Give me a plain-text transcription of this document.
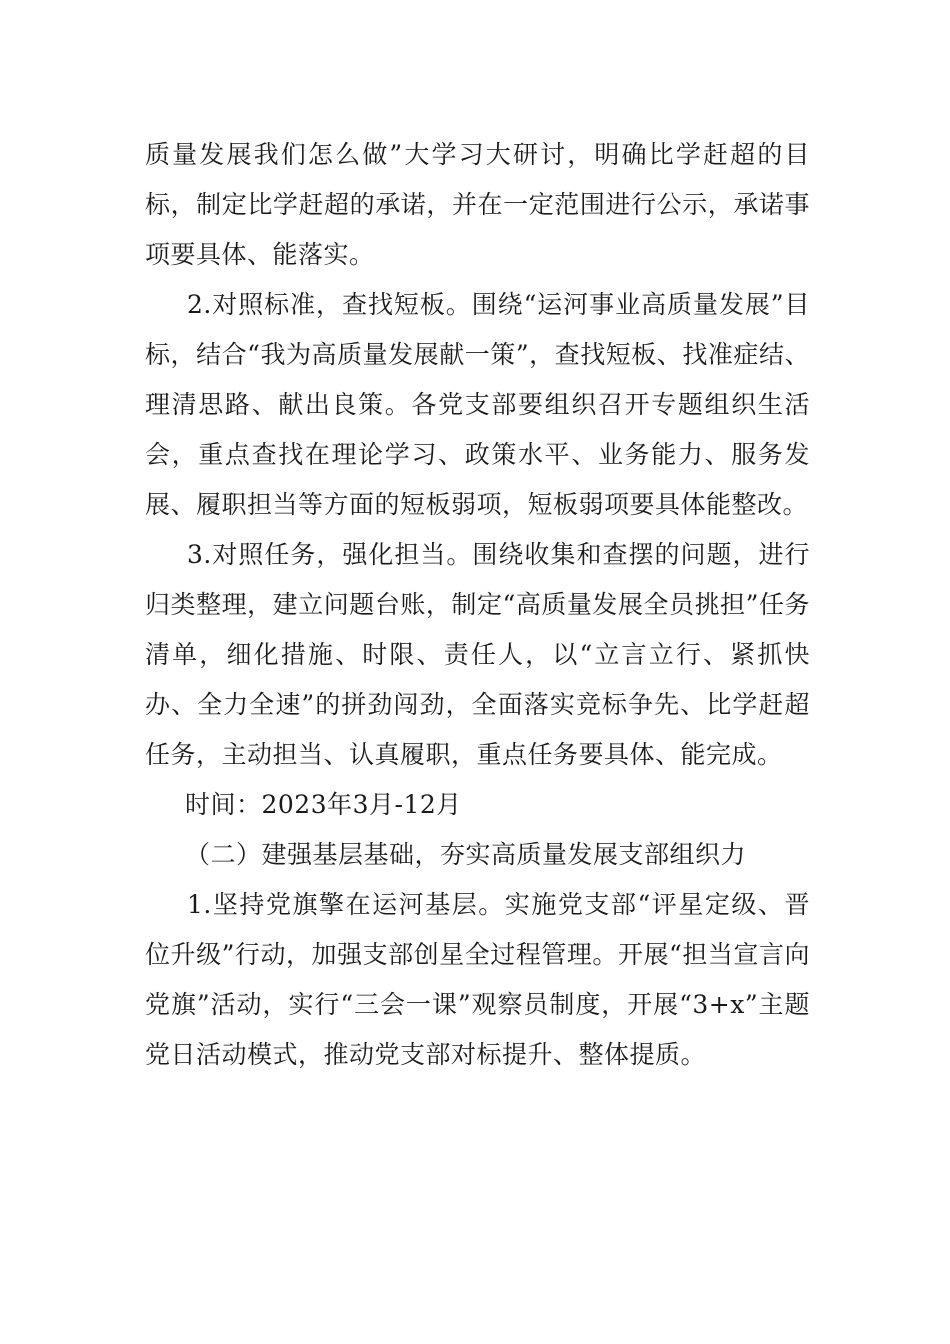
质量发展我们怎么做”大学习大研讨，明确比学赶超的目标，制定比学赶超的承诺，并在一定范围进行公示，承诺事项要具体、能落实。

2.对照标准，查找短板。围绕“运河事业高质量发展”目标，结合“我为高质量发展献一策”，查找短板、找准症结、理清思路、献出良策。各党支部要组织召开专题组织生活会，重点查找在理论学习、政策水平、业务能力、服务发展、履职担当等方面的短板弱项，短板弱项要具体能整改。

3.对照任务，强化担当。围绕收集和查摆的问题，进行归类整理，建立问题台账，制定“高质量发展全员挑担”任务清单，细化措施、时限、责任人，以“立言立行、紧抓快办、全力全速”的拼劲闯劲，全面落实竞标争先、比学赶超任务，主动担当、认真履职，重点任务要具体、能完成。

时间：2023年3月-12月

（二）建强基层基础，夯实高质量发展支部组织力

1.坚持党旗擎在运河基层。实施党支部“评星定级、晋位升级”行动，加强支部创星全过程管理。开展“担当宣言向党旗”活动，实行“三会一课”观察员制度，开展“3+x”主题党日活动模式，推动党支部对标提升、整体提质。
